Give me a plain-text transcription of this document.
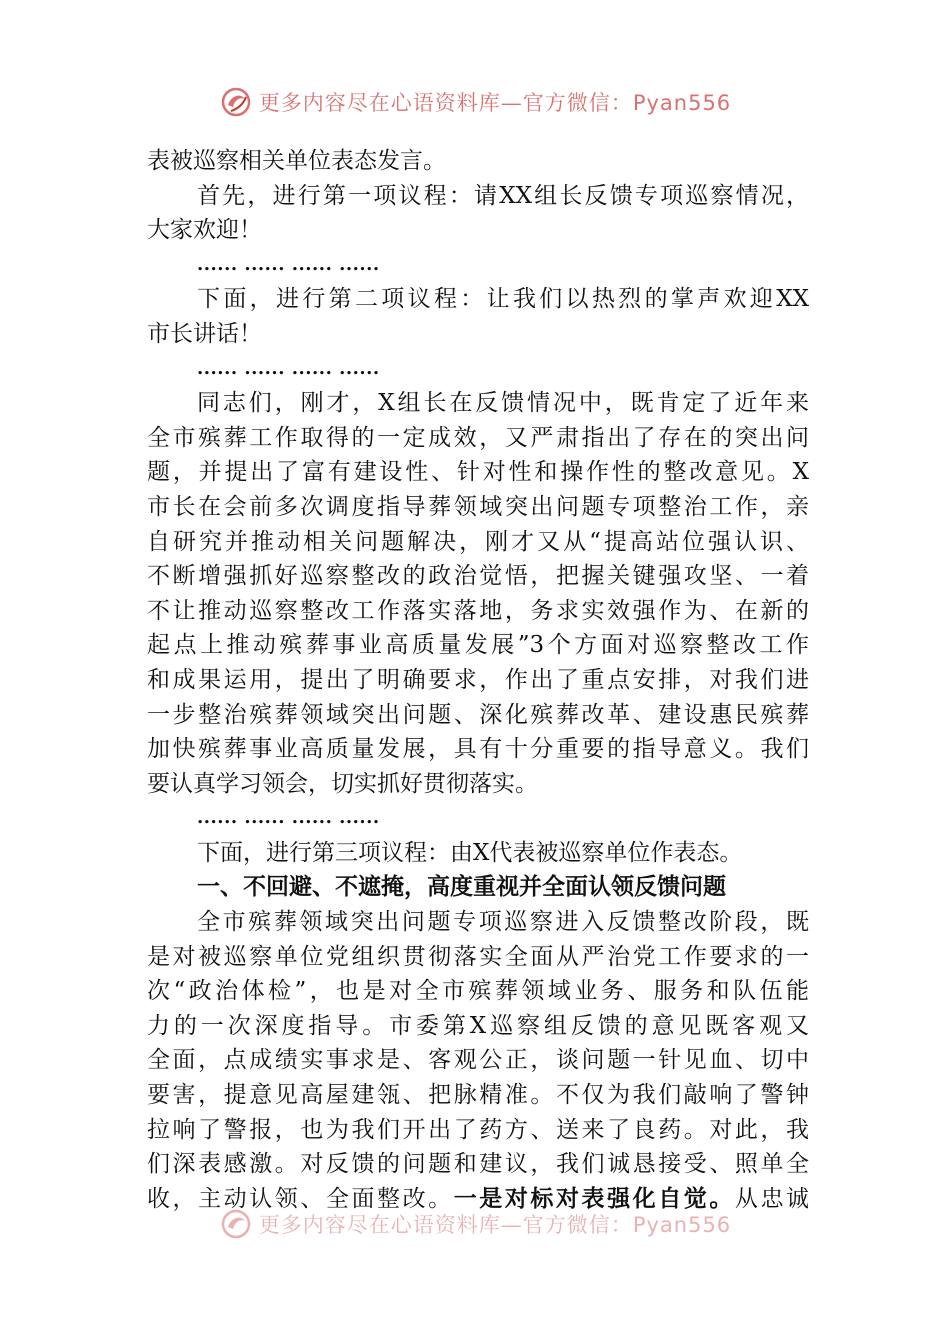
更多内容尽在心语资料库—官方微信：Pyan556
表被巡察相关单位表态发言。
首先，进行第一项议程：请XX组长反馈专项巡察情况，
大家欢迎！
...... ...... ...... ......
下面，进行第二项议程：让我们以热烈的掌声欢迎XX
市长讲话！
...... ...... ...... ......
同志们，刚才，X组长在反馈情况中，既肯定了近年来
全市殡葬工作取得的一定成效，又严肃指出了存在的突出问
题，并提出了富有建设性、针对性和操作性的整改意见。X
市长在会前多次调度指导葬领域突出问题专项整治工作，亲
自研究并推动相关问题解决，刚才又从“提高站位强认识、
不断增强抓好巡察整改的政治觉悟，把握关键强攻坚、一着
不让推动巡察整改工作落实落地，务求实效强作为、在新的
起点上推动殡葬事业高质量发展”3个方面对巡察整改工作
和成果运用，提出了明确要求，作出了重点安排，对我们进
一步整治殡葬领域突出问题、深化殡葬改革、建设惠民殡葬
加快殡葬事业高质量发展，具有十分重要的指导意义。我们
要认真学习领会，切实抓好贯彻落实。
...... ...... ...... ......
下面，进行第三项议程：由X代表被巡察单位作表态。
一、不回避、不遮掩，高度重视并全面认领反馈问题
全市殡葬领域突出问题专项巡察进入反馈整改阶段，既
是对被巡察单位党组织贯彻落实全面从严治党工作要求的一
次“政治体检”，也是对全市殡葬领域业务、服务和队伍能
力的一次深度指导。市委第X巡察组反馈的意见既客观又
全面，点成绩实事求是、客观公正，谈问题一针见血、切中
要害，提意见高屋建瓴、把脉精准。不仅为我们敲响了警钟
拉响了警报，也为我们开出了药方、送来了良药。对此，我
们深表感激。对反馈的问题和建议，我们诚恳接受、照单全
收，主动认领、全面整改。一是对标对表强化自觉。从忠诚
更多内容尽在心语资料库—官方微信：Pyan556
